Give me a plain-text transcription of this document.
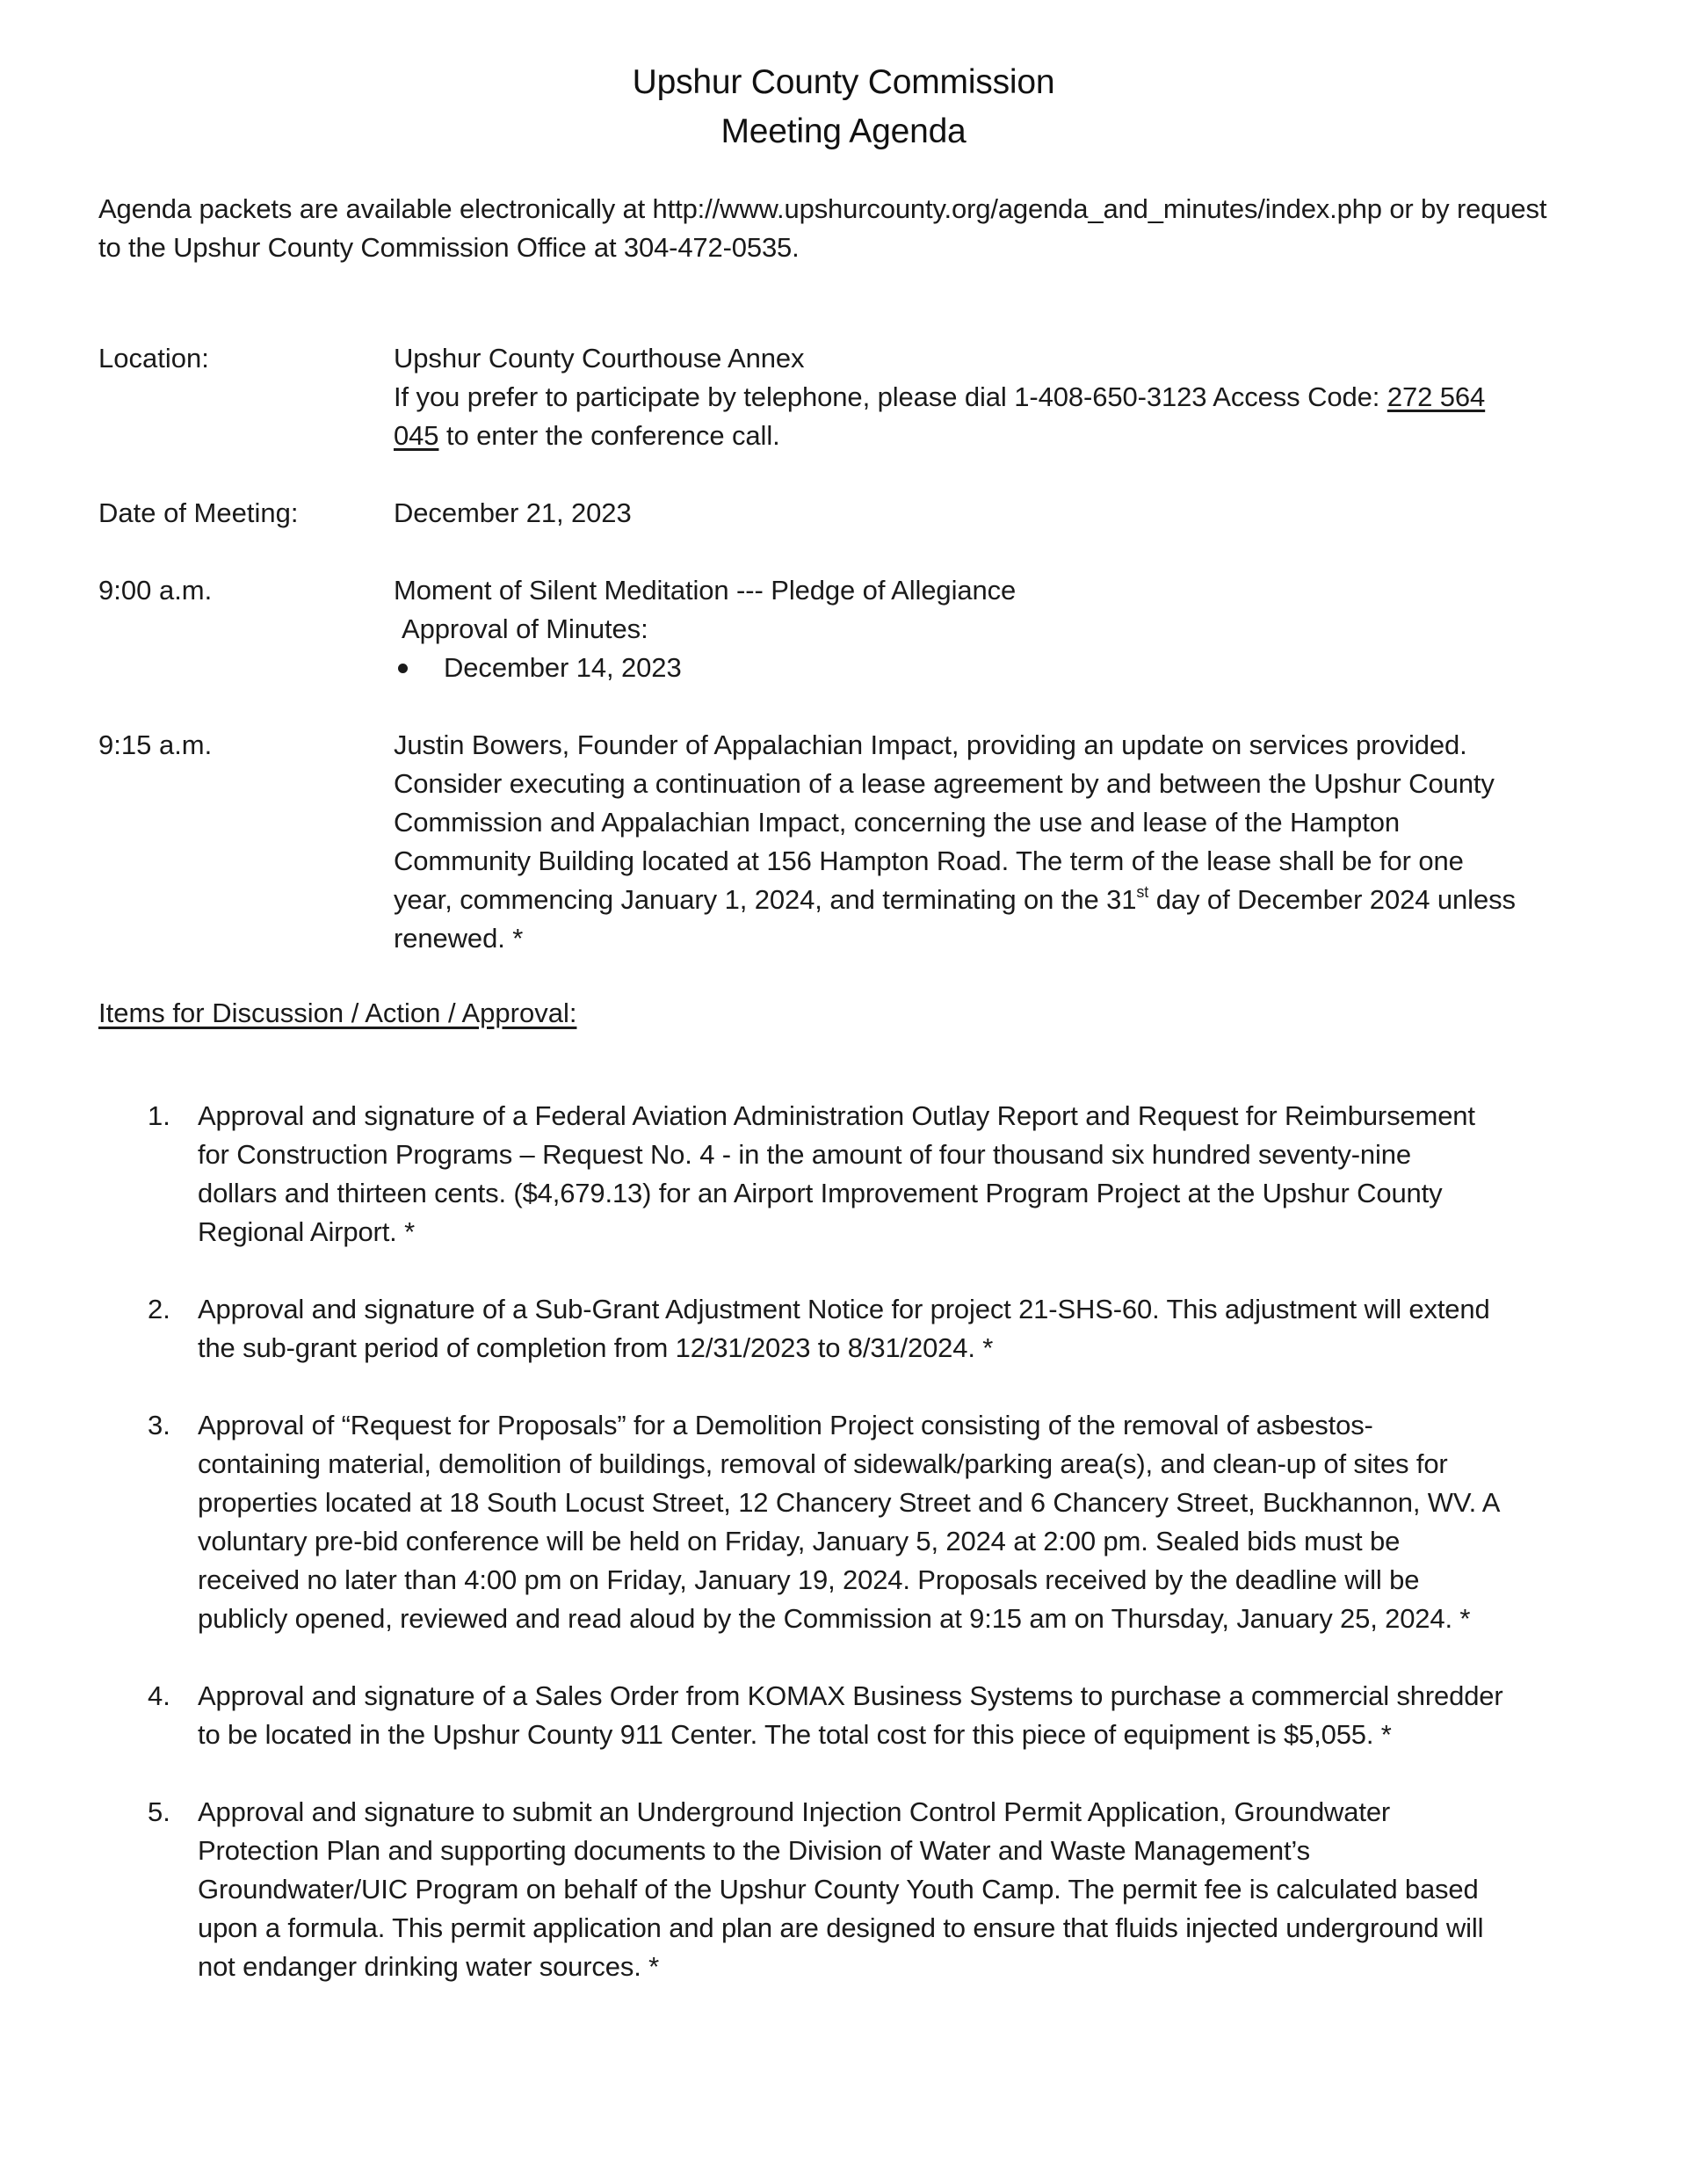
Upshur County Commission
Meeting Agenda
Agenda packets are available electronically at http://www.upshurcounty.org/agenda_and_minutes/index.php or by request
to the Upshur County Commission Office at 304-472-0535.
Location:	Upshur County Courthouse Annex
If you prefer to participate by telephone, please dial 1-408-650-3123 Access Code: 272 564
045 to enter the conference call.
Date of Meeting:	December 21, 2023
9:00 a.m.	Moment of Silent Meditation --- Pledge of Allegiance
Approval of Minutes:
December 14, 2023
9:15 a.m.	Justin Bowers, Founder of Appalachian Impact, providing an update on services provided.
Consider executing a continuation of a lease agreement by and between the Upshur County
Commission and Appalachian Impact, concerning the use and lease of the Hampton
Community Building located at 156 Hampton Road. The term of the lease shall be for one
year, commencing January 1, 2024, and terminating on the 31st day of December 2024 unless
renewed. *
Items for Discussion / Action / Approval:
1. Approval and signature of a Federal Aviation Administration Outlay Report and Request for Reimbursement
for Construction Programs – Request No. 4 - in the amount of four thousand six hundred seventy-nine
dollars and thirteen cents. ($4,679.13) for an Airport Improvement Program Project at the Upshur County
Regional Airport. *
2. Approval and signature of a Sub-Grant Adjustment Notice for project 21-SHS-60. This adjustment will extend
the sub-grant period of completion from 12/31/2023 to 8/31/2024. *
3. Approval of “Request for Proposals” for a Demolition Project consisting of the removal of asbestos-
containing material, demolition of buildings, removal of sidewalk/parking area(s), and clean-up of sites for
properties located at 18 South Locust Street, 12 Chancery Street and 6 Chancery Street, Buckhannon, WV. A
voluntary pre-bid conference will be held on Friday, January 5, 2024 at 2:00 pm. Sealed bids must be
received no later than 4:00 pm on Friday, January 19, 2024. Proposals received by the deadline will be
publicly opened, reviewed and read aloud by the Commission at 9:15 am on Thursday, January 25, 2024. *
4. Approval and signature of a Sales Order from KOMAX Business Systems to purchase a commercial shredder
to be located in the Upshur County 911 Center. The total cost for this piece of equipment is $5,055. *
5. Approval and signature to submit an Underground Injection Control Permit Application, Groundwater
Protection Plan and supporting documents to the Division of Water and Waste Management’s
Groundwater/UIC Program on behalf of the Upshur County Youth Camp. The permit fee is calculated based
upon a formula. This permit application and plan are designed to ensure that fluids injected underground will
not endanger drinking water sources. *
